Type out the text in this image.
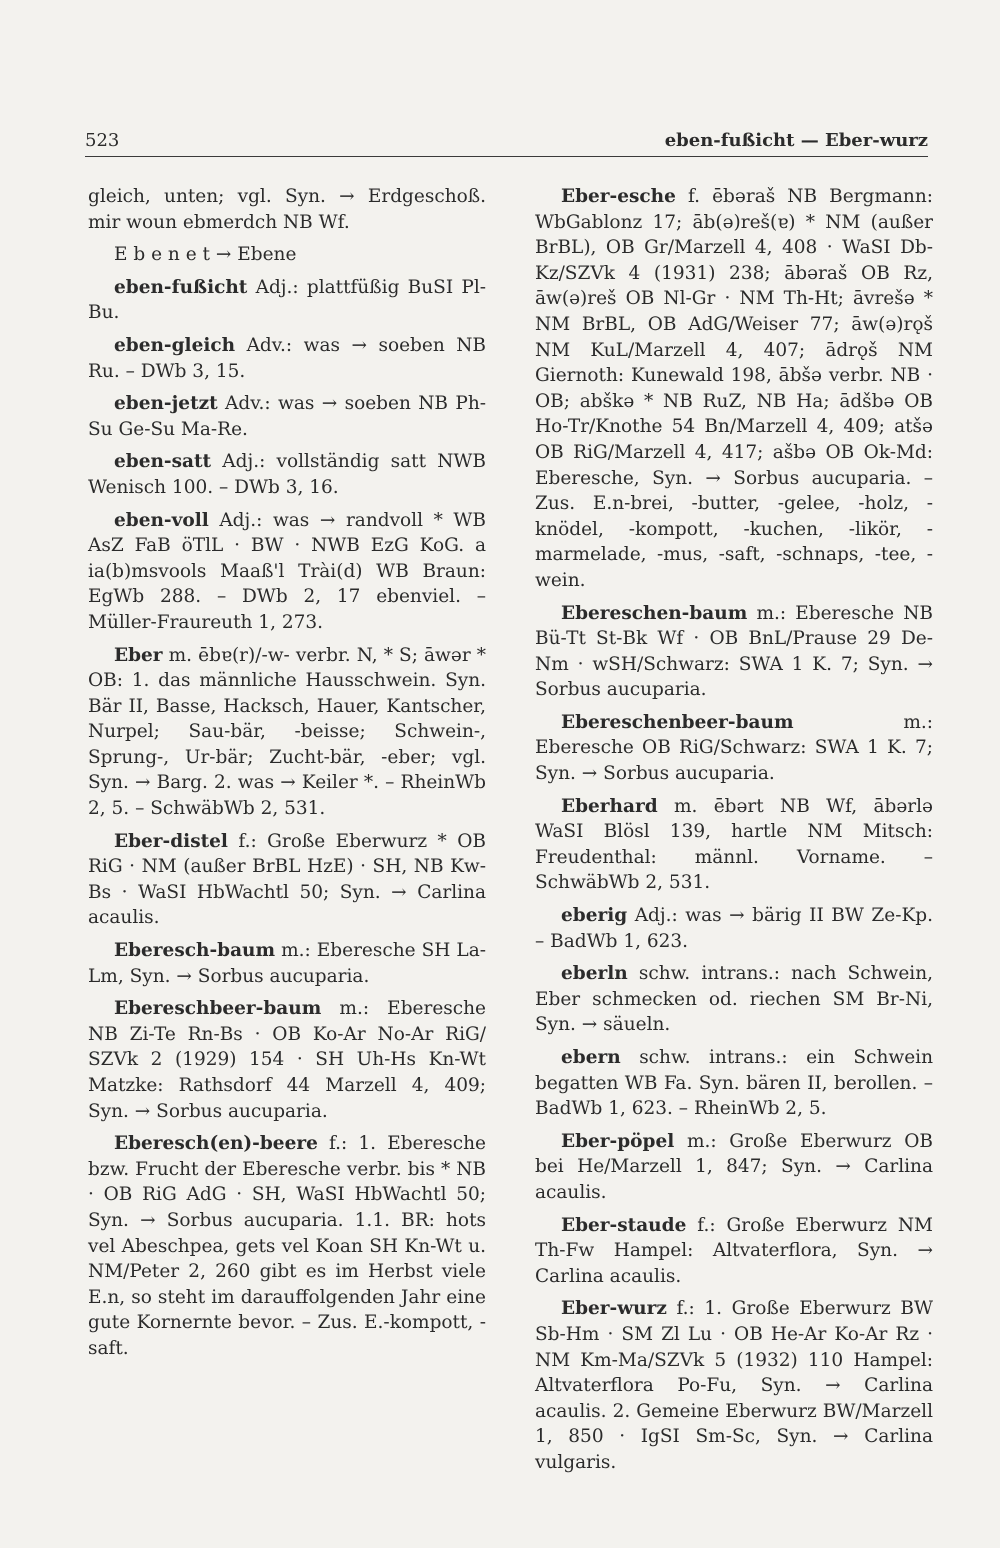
523	eben-fußicht — Eber-wurz

gleich, unten; vgl. Syn. → Erdgeschoß. mir woun ebmerdch NB Wf.

E b e n e t → Ebene

eben-fußicht Adj.: plattfüßig BuSI Pl-Bu.

eben-gleich Adv.: was → soeben NB Ru. – DWb 3, 15.

eben-jetzt Adv.: was → soeben NB Ph-Su Ge-Su Ma-Re.

eben-satt Adj.: vollständig satt NWB Wenisch 100. – DWb 3, 16.

eben-voll Adj.: was → randvoll * WB AsZ FaB öTlL · BW · NWB EzG KoG. a ia(b)msvools Maaß'l Trài(d) WB Braun: EgWb 288. – DWb 2, 17 ebenviel. – Müller-Fraureuth 1, 273.

Eber m. ēbɐ(r)/-w- verbr. N, * S; āwər * OB: 1. das männliche Hausschwein. Syn. Bär II, Basse, Hacksch, Hauer, Kantscher, Nurpel; Sau-bär, -beisse; Schwein-, Sprung-, Ur-bär; Zucht-bär, -eber; vgl. Syn. → Barg. 2. was → Keiler *. – RheinWb 2, 5. – SchwäbWb 2, 531.

Eber-distel f.: Große Eberwurz * OB RiG · NM (außer BrBL HzE) · SH, NB Kw-Bs · WaSI HbWachtl 50; Syn. → Carlina acaulis.

Eberesch-baum m.: Eberesche SH La-Lm, Syn. → Sorbus aucuparia.

Ebereschbeer-baum m.: Eberesche NB Zi-Te Rn-Bs · OB Ko-Ar No-Ar RiG/ SZVk 2 (1929) 154 · SH Uh-Hs Kn-Wt Matzke: Rathsdorf 44 Marzell 4, 409; Syn. → Sorbus aucuparia.

Eberesch(en)-beere f.: 1. Eberesche bzw. Frucht der Eberesche verbr. bis * NB · OB RiG AdG · SH, WaSI HbWachtl 50; Syn. → Sorbus aucuparia. 1.1. BR: hots vel Abeschpea, gets vel Koan SH Kn-Wt u. NM/Peter 2, 260 gibt es im Herbst viele E.n, so steht im darauffolgenden Jahr eine gute Kornernte bevor. – Zus. E.-kompott, -saft.

Eber-esche f. ēbəraš NB Bergmann: WbGablonz 17; āb(ə)reš(ɐ) * NM (außer BrBL), OB Gr/Marzell 4, 408 · WaSI Db-Kz/SZVk 4 (1931) 238; ābəraš OB Rz, āw(ə)reš OB Nl-Gr · NM Th-Ht; āvrešə * NM BrBL, OB AdG/Weiser 77; āw(ə)rǫš NM KuL/Marzell 4, 407; ādrǫš NM Giernoth: Kunewald 198, ābšə verbr. NB · OB; abškə * NB RuZ, NB Ha; ādšbə OB Ho-Tr/Knothe 54 Bn/Marzell 4, 409; atšə OB RiG/Marzell 4, 417; ašbə OB Ok-Md: Eberesche, Syn. → Sorbus aucuparia. – Zus. E.n-brei, -butter, -gelee, -holz, -knödel, -kompott, -kuchen, -likör, -marmelade, -mus, -saft, -schnaps, -tee, -wein.

Ebereschen-baum m.: Eberesche NB Bü-Tt St-Bk Wf · OB BnL/Prause 29 De-Nm · wSH/Schwarz: SWA 1 K. 7; Syn. → Sorbus aucuparia.

Ebereschenbeer-baum m.: Eberesche OB RiG/Schwarz: SWA 1 K. 7; Syn. → Sorbus aucuparia.

Eberhard m. ēbərt NB Wf, ābərlə WaSI Blösl 139, hartle NM Mitsch: Freudenthal: männl. Vorname. – SchwäbWb 2, 531.

eberig Adj.: was → bärig II BW Ze-Kp. – BadWb 1, 623.

eberln schw. intrans.: nach Schwein, Eber schmecken od. riechen SM Br-Ni, Syn. → säueln.

ebern schw. intrans.: ein Schwein begatten WB Fa. Syn. bären II, berollen. – BadWb 1, 623. – RheinWb 2, 5.

Eber-pöpel m.: Große Eberwurz OB bei He/Marzell 1, 847; Syn. → Carlina acaulis.

Eber-staude f.: Große Eberwurz NM Th-Fw Hampel: Altvaterflora, Syn. → Carlina acaulis.

Eber-wurz f.: 1. Große Eberwurz BW Sb-Hm · SM Zl Lu · OB He-Ar Ko-Ar Rz · NM Km-Ma/SZVk 5 (1932) 110 Hampel: Altvaterflora Po-Fu, Syn. → Carlina acaulis. 2. Gemeine Eberwurz BW/Marzell 1, 850 · IgSI Sm-Sc, Syn. → Carlina vulgaris.
